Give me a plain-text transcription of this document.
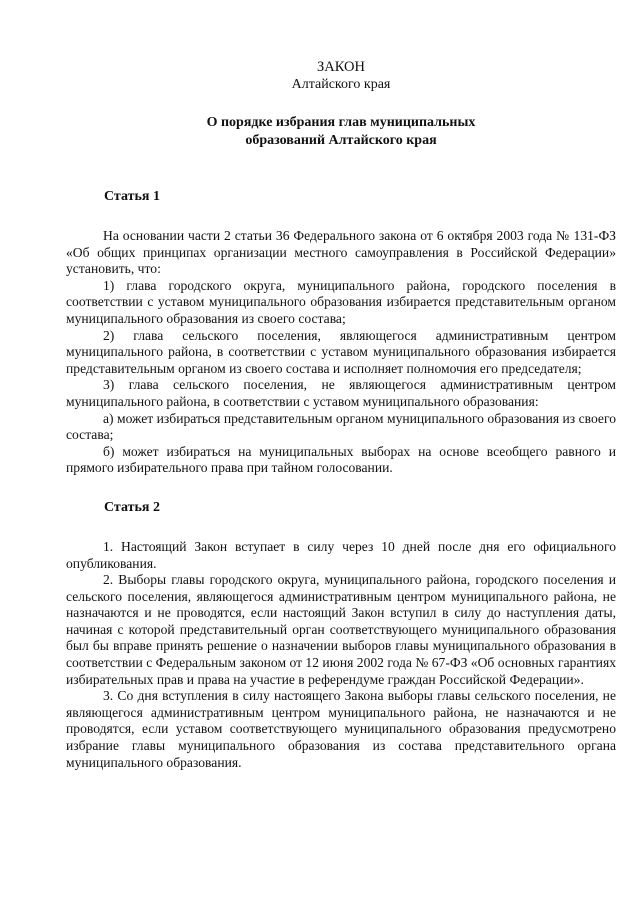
ЗАКОН
Алтайского края
О порядке избрания глав муниципальных
образований Алтайского края
Статья 1

На основании части 2 статьи 36 Федерального закона от 6 октября 2003 года № 131-ФЗ «Об общих принципах организации местного самоуправления в Российской Федерации» установить, что:

1) глава городского округа, муниципального района, городского поселения в соответствии с уставом муниципального образования избирается представительным органом муниципального образования из своего состава;

2) глава сельского поселения, являющегося административным центром муниципального района, в соответствии с уставом муниципального образования избирается представительным органом из своего состава и исполняет полномочия его председателя;

3) глава сельского поселения, не являющегося административным центром муниципального района, в соответствии с уставом муниципального образования:

а) может избираться представительным органом муниципального образования из своего состава;

б) может избираться на муниципальных выборах на основе всеобщего равного и прямого избирательного права при тайном голосовании.

Статья 2

1. Настоящий Закон вступает в силу через 10 дней после дня его официального опубликования.

2. Выборы главы городского округа, муниципального района, городского поселения и сельского поселения, являющегося административным центром муниципального района, не назначаются и не проводятся, если настоящий Закон вступил в силу до наступления даты, начиная с которой представительный орган соответствующего муниципального образования был бы вправе принять решение о назначении выборов главы муниципального образования в соответствии с Федеральным законом от 12 июня 2002 года № 67-ФЗ «Об основных гарантиях избирательных прав и права на участие в референдуме граждан Российской Федерации».

3. Со дня вступления в силу настоящего Закона выборы главы сельского поселения, не являющегося административным центром муниципального района, не назначаются и не проводятся, если уставом соответствующего муниципального образования предусмотрено избрание главы муниципального образования из состава представительного органа муниципального образования.
